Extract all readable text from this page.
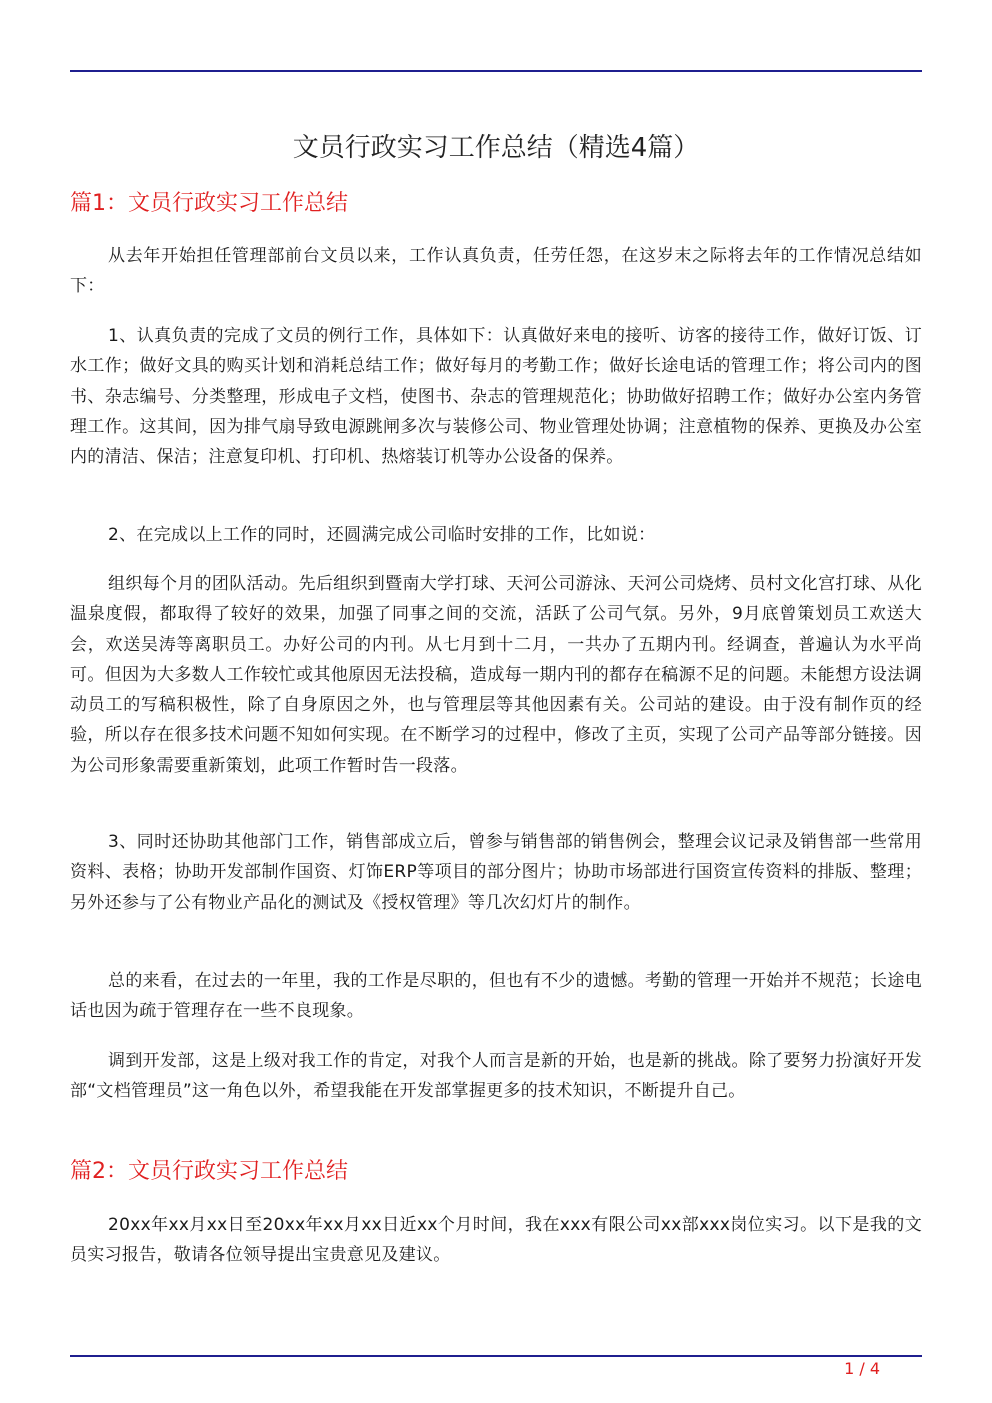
文员行政实习工作总结（精选4篇）
篇1：文员行政实习工作总结
从去年开始担任管理部前台文员以来，工作认真负责，任劳任怨，在这岁末之际将去年的工作情况总结如下：
1、认真负责的完成了文员的例行工作，具体如下：认真做好来电的接听、访客的接待工作，做好订饭、订水工作；做好文具的购买计划和消耗总结工作；做好每月的考勤工作；做好长途电话的管理工作；将公司内的图书、杂志编号、分类整理，形成电子文档，使图书、杂志的管理规范化；协助做好招聘工作；做好办公室内务管理工作。这其间，因为排气扇导致电源跳闸多次与装修公司、物业管理处协调；注意植物的保养、更换及办公室内的清洁、保洁；注意复印机、打印机、热熔装订机等办公设备的保养。
2、在完成以上工作的同时，还圆满完成公司临时安排的工作，比如说：
组织每个月的团队活动。先后组织到暨南大学打球、天河公司游泳、天河公司烧烤、员村文化宫打球、从化温泉度假，都取得了较好的效果，加强了同事之间的交流，活跃了公司气氛。另外，9月底曾策划员工欢送大会，欢送吴涛等离职员工。办好公司的内刊。从七月到十二月，一共办了五期内刊。经调查，普遍认为水平尚可。但因为大多数人工作较忙或其他原因无法投稿，造成每一期内刊的都存在稿源不足的问题。未能想方设法调动员工的写稿积极性，除了自身原因之外，也与管理层等其他因素有关。公司站的建设。由于没有制作页的经验，所以存在很多技术问题不知如何实现。在不断学习的过程中，修改了主页，实现了公司产品等部分链接。因为公司形象需要重新策划，此项工作暂时告一段落。
3、同时还协助其他部门工作，销售部成立后，曾参与销售部的销售例会，整理会议记录及销售部一些常用资料、表格；协助开发部制作国资、灯饰ERP等项目的部分图片；协助市场部进行国资宣传资料的排版、整理；另外还参与了公有物业产品化的测试及《授权管理》等几次幻灯片的制作。
总的来看，在过去的一年里，我的工作是尽职的，但也有不少的遗憾。考勤的管理一开始并不规范；长途电话也因为疏于管理存在一些不良现象。
调到开发部，这是上级对我工作的肯定，对我个人而言是新的开始，也是新的挑战。除了要努力扮演好开发部“文档管理员”这一角色以外，希望我能在开发部掌握更多的技术知识，不断提升自己。
篇2：文员行政实习工作总结
20xx年xx月xx日至20xx年xx月xx日近xx个月时间，我在xxx有限公司xx部xxx岗位实习。以下是我的文员实习报告，敬请各位领导提出宝贵意见及建议。
1 / 4
